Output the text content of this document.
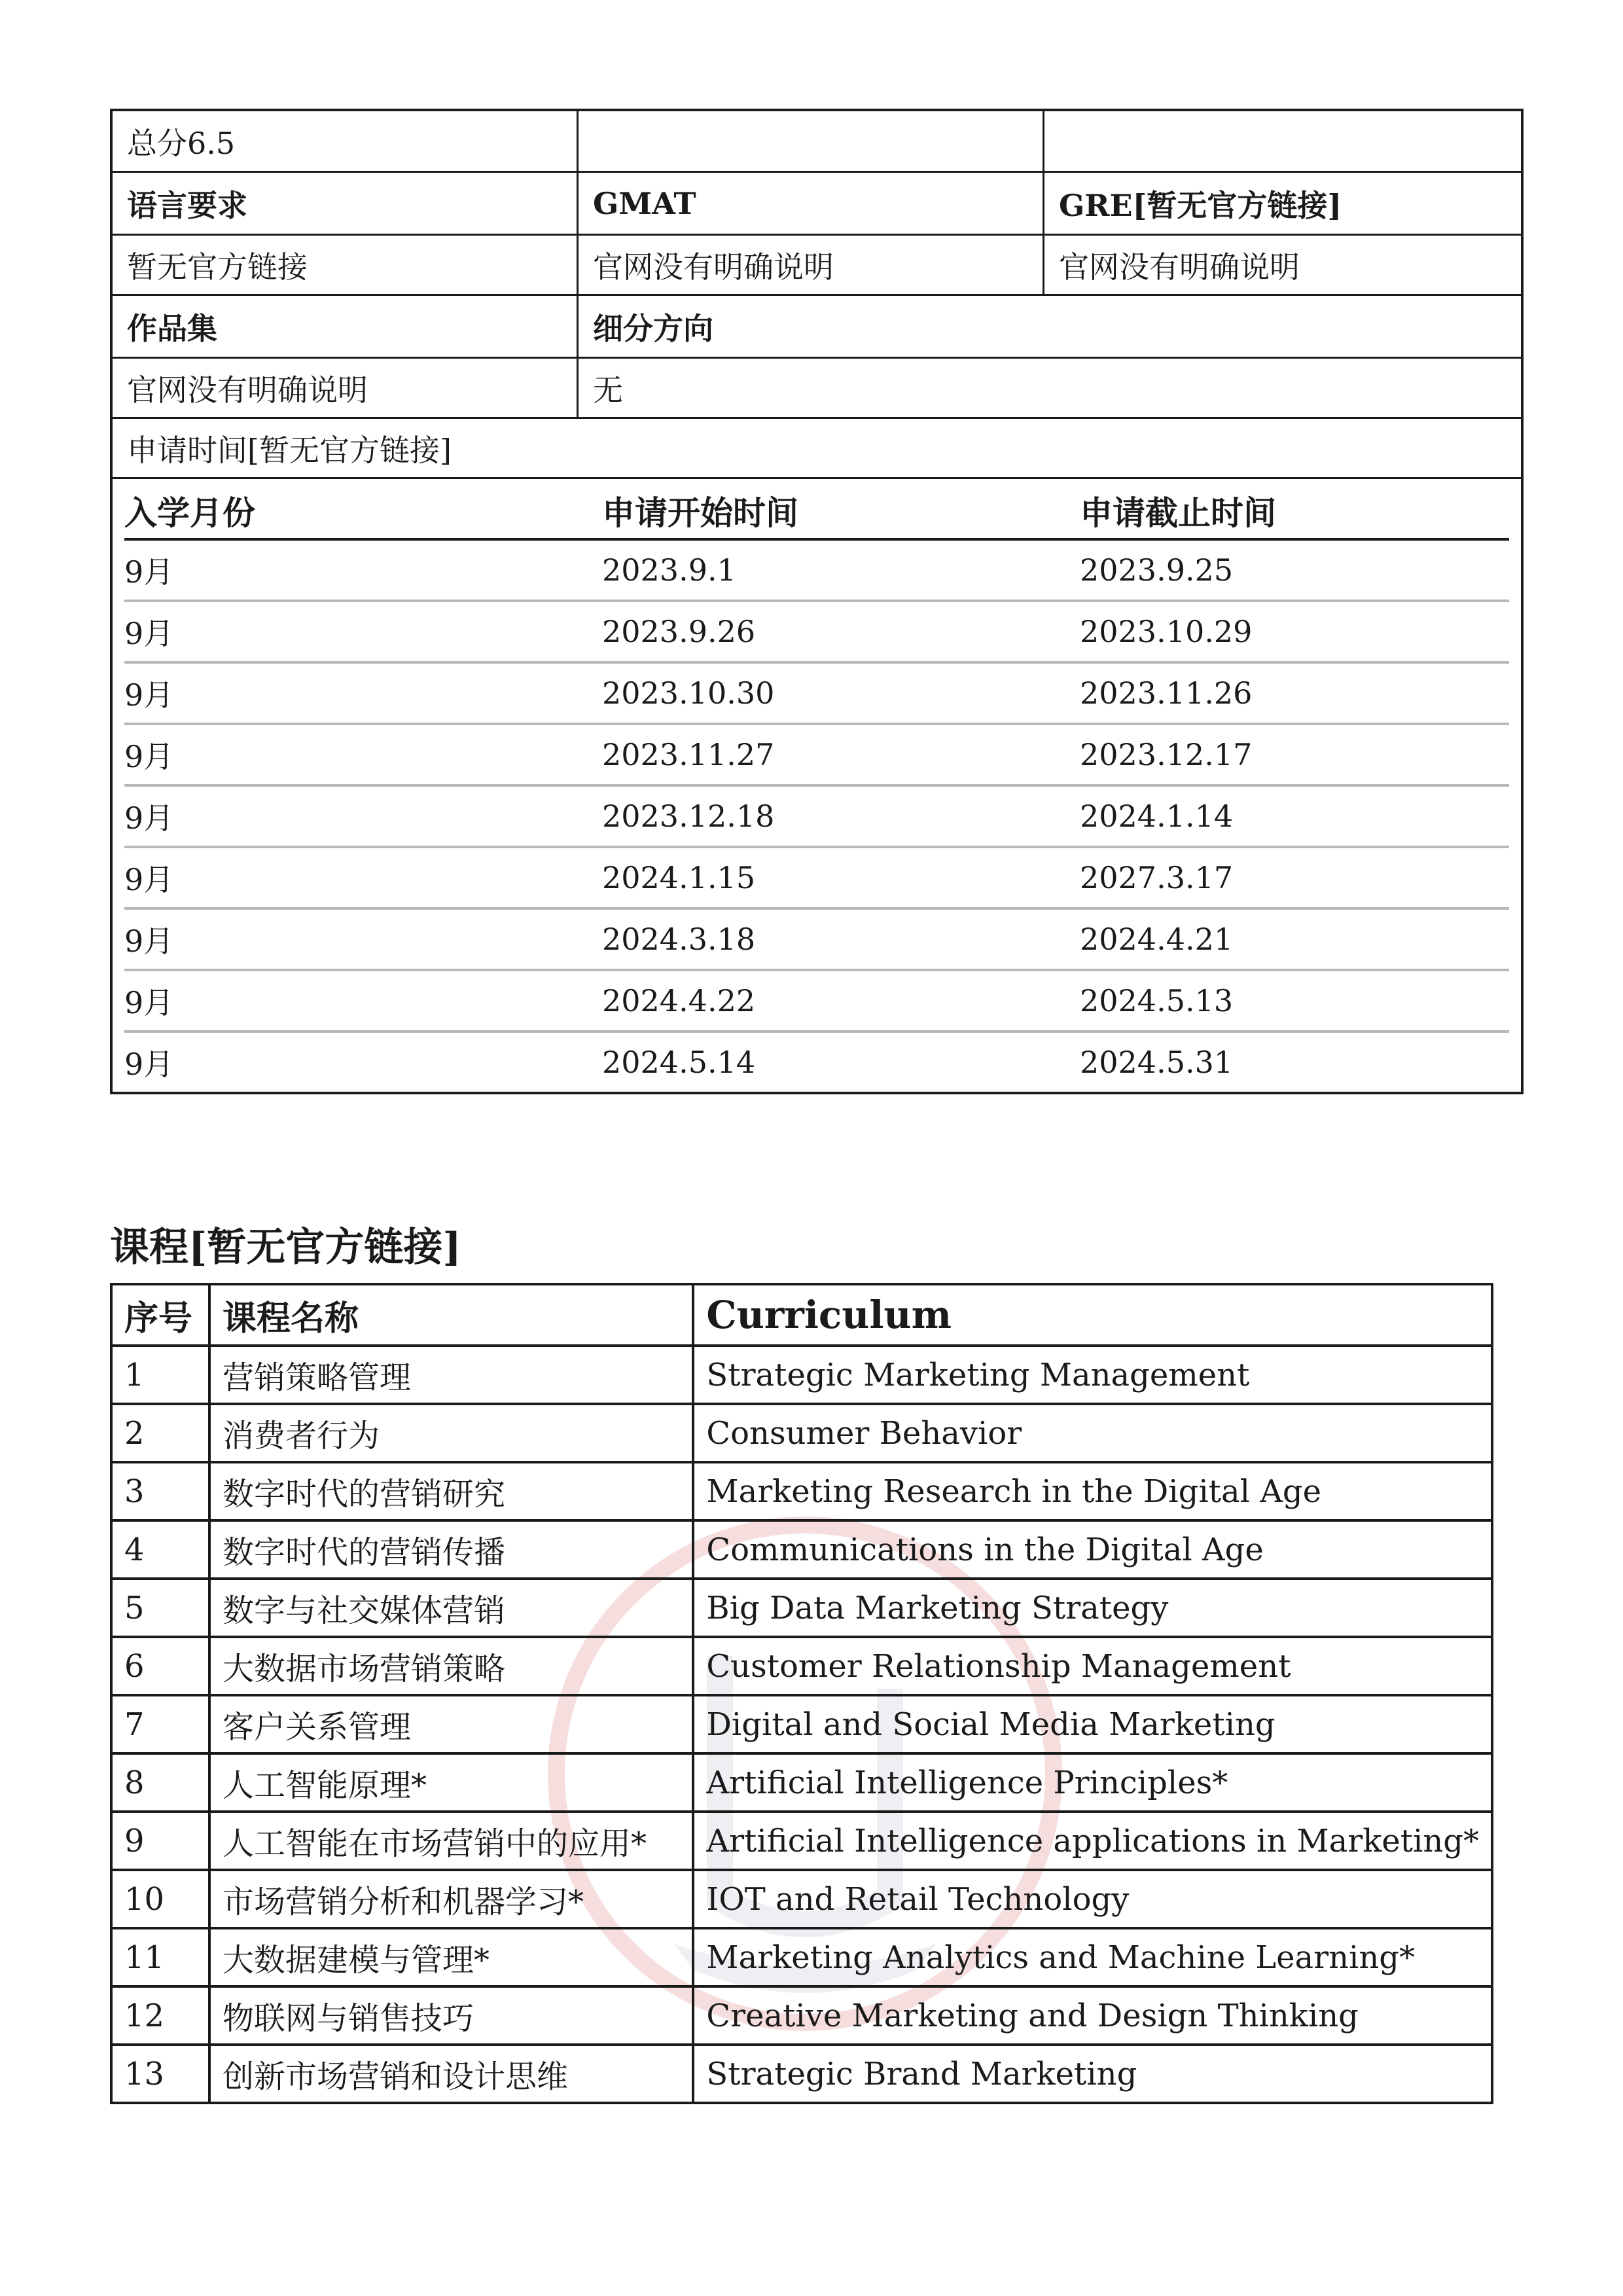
总分6.5
语言要求	GMAT	GRE[暂无官方链接]
暂无官方链接	官网没有明确说明	官网没有明确说明
作品集	细分方向
官网没有明确说明	无
申请时间[暂无官方链接]
入学月份	申请开始时间	申请截止时间
9月	2023.9.1	2023.9.25
9月	2023.9.26	2023.10.29
9月	2023.10.30	2023.11.26
9月	2023.11.27	2023.12.17
9月	2023.12.18	2024.1.14
9月	2024.1.15	2027.3.17
9月	2024.3.18	2024.4.21
9月	2024.4.22	2024.5.13
9月	2024.5.14	2024.5.31
课程[暂无官方链接]
序号	课程名称	Curriculum
1	营销策略管理	Strategic Marketing Management
2	消费者行为	Consumer Behavior
3	数字时代的营销研究	Marketing Research in the Digital Age
4	数字时代的营销传播	Communications in the Digital Age
5	数字与社交媒体营销	Big Data Marketing Strategy
6	大数据市场营销策略	Customer Relationship Management
7	客户关系管理	Digital and Social Media Marketing
8	人工智能原理*	Artificial Intelligence Principles*
9	人工智能在市场营销中的应用*	Artificial Intelligence applications in Marketing*
10	市场营销分析和机器学习*	IOT and Retail Technology
11	大数据建模与管理*	Marketing Analytics and Machine Learning*
12	物联网与销售技巧	Creative Marketing and Design Thinking
13	创新市场营销和设计思维	Strategic Brand Marketing
